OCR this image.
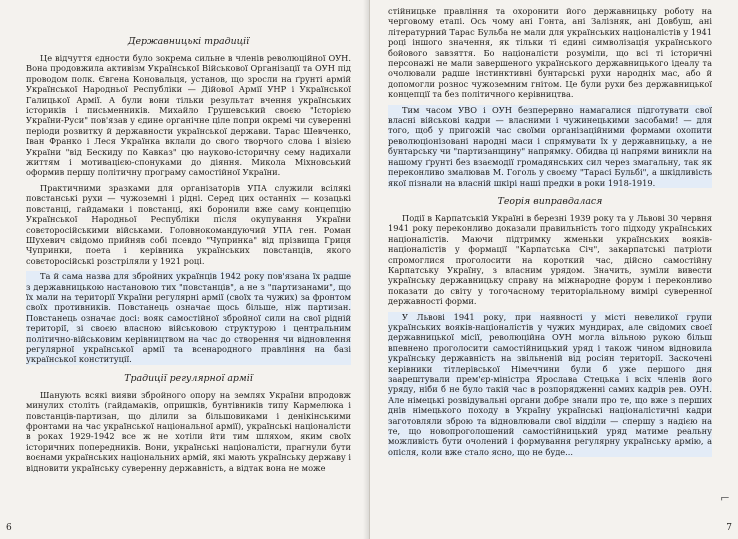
Державницькі традиції

Це відчуття єдности було зокрема сильне в членів революційної ОУН. Вона продовжила активізм Української Військової Організації та ОУН під проводом полк. Євгена Коновальця, установ, що зросли на ґрунті армій Української Народньої Республіки — Дійової Армії УНР і Української Галицької Армії. А були вони тільки результат вчення українських істориків і письменників. Михайло Грушевський своєю "Історією України-Руси" пов'язав у єдине органічне ціле попри окремі чи суверенні періоди розвитку й державности української держави. Тарас Шевченко, Іван Франко і Леся Українка вклали до свого творчого слова і візією України "від Бескиду по Кавказ" цю науково-історичну сему надихали життям і мотивацією-спонуками до діяння. Микола Міхновський оформив першу політичну програму самостійної України.

Практичними зразками для організаторів УПА служили всілякі повстанські рухи — чужоземні і рідні. Серед цих останніх — козацькі повстанці, гайдамаки і повстанці, які боронили вже саму концепцію Української Народньої Республіки після окупування України совєторосійськими військами. Головнокомандуючий УПА ген. Роман Шухевич свідомо прийняв собі псевдо "Чупринка" від прізвища Гриця Чупринки, поета і керівника українських повстанців, якого совєторосійські розстріляли у 1921 році.

Та й сама назва для збройних українців 1942 року пов'язана їх радше з державницькою настановою тих "повстанців", а не з "партизанами", що їх мали на території України регулярні армії (своїх та чужих) за фронтом своїх противників. Повстанець означає щось більше, ніж партизан. Повстанець означає досі: вояк самостійної збройної сили на свої рідній території, зі своєю власною військовою структурою і центральним політично-військовим керівництвом на час до створення чи відновлення регулярної української армії та всенародного правління на базі української конституції.

Традиції регулярної армії

Шанують всякі вияви збройного опору на землях України впродовж минулих століть (гайдамаків, опришків, бунтівників типу Кармелюка і повстанців-партизан, що ділили за більшовиками і денікінськими фронтами на час української національної армії), українські націоналісти в роках 1929-1942 все ж не хотіли йти тим шляхом, яким своїх історичних попередників. Вони, українські націоналісти, прагнули бути воєнами українських національних армій, які мають українську державу і відновити українську суверенну державність, а відтак вона не може

6

стійницьке правління та охоронити його державницьку роботу на черговому етапі. Ось чому ані Гонта, ані Залізняк, ані Довбуш, ані літературний Тарас Бульба не мали для українських націоналістів у 1941 році іншого значення, як тільки ті єдині символізація українського бойового завзяття. Бо націоналісти розуміли, що всі ті історичні персонажі не мали завершеного українського державницького ідеалу та очолювали радше інстинктивні бунтарські рухи народніх мас, або й допомогли рознос чужоземним гнітом. Це були рухи без державницької концепції та без політичного керівництва.

Тим часом УВО і ОУН безперервно намагалися підготувати свої власні військові кадри — власними і чужинецькими засобами! — для того, щоб у пригожій час своїми організаційними формами охопити революціонізовані народні маси і спрямувати їх у державницьку, а не бунтарську чи "партизанщину" напрямку. Обидва ці напрями виникли на нашому ґрунті без взаємодії громадянських сил через змагальну, так як переконливо змалював М. Гоголь у своєму "Тарасі Бульбі", а шкідливість якої пізнали на власній шкірі наші предки в роки 1918-1919.

Теорія виправдалася

Події в Карпатській Україні в березні 1939 року та у Львові 30 червня 1941 року переконливо доказали правильність того підходу українських націоналістів. Маючи підтримку жменьки українських вояків-націоналістів у формації "Карпатська Січ", закарпатські патріоти спромоглися проголосити на короткий час, дійсно самостійну Карпатську Україну, з власним урядом. Значить, зуміли вивести українську державницьку справу на міжнародне форум і переконливо показати до світу у тогочасному територіальному вимірі суверенної державності форми.

У Львові 1941 року, при наявності у місті невеликої групи українських вояків-націоналістів у чужих мундирах, але свідомих своєї державницької місії, революційна ОУН могла вільною рукою більш впевнено проголосити самостійницький уряд і також чином відновила українську державність на звільненій від росіян території. Заскочені керівники тітлерівської Німеччини були б уже першого дня заарештували прем'єр-міністра Ярослава Стецька і всіх членів його уряду, ніби б не було такій час в розпорядженні самих кадрів рев. ОУН. Але німецькі розвідувальні органи добре знали про те, що вже з перших днів німецького походу в Україну українські націоналістичні кадри заготовляли зброю та відновлювали свої відділи — спершу з надією на те, що новопроголошений самостійницький уряд матиме реальну можливість бути очолений і формування регулярну українську армію, а опісля, коли вже стало ясно, що не буде...

⌐
7
